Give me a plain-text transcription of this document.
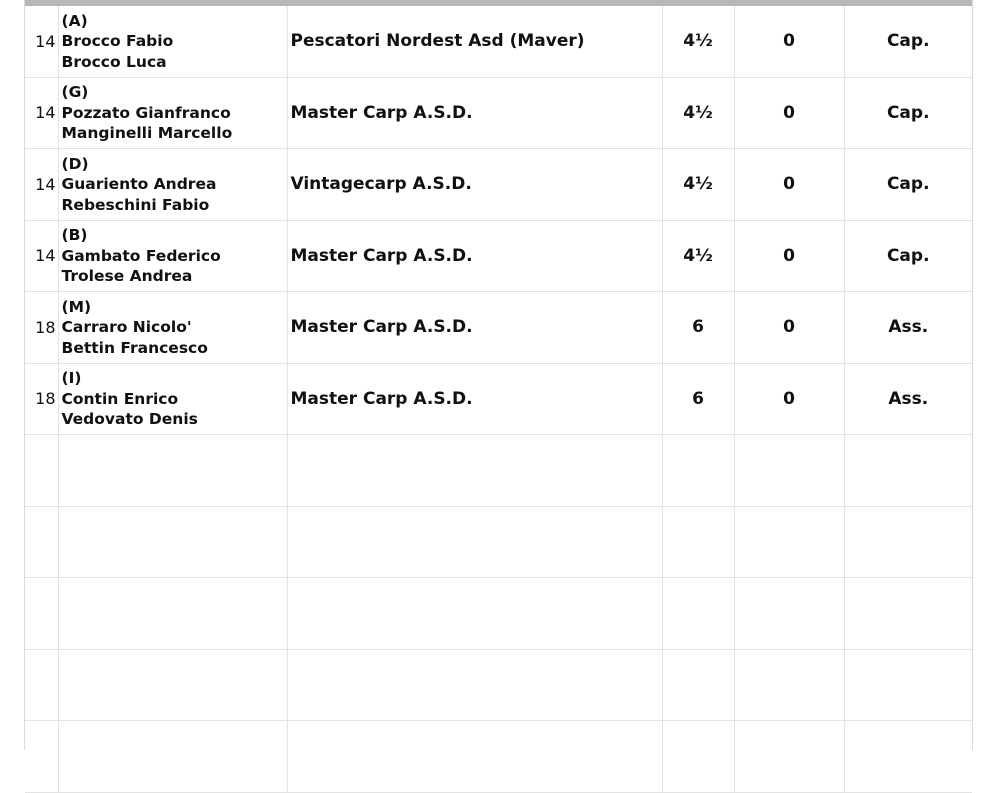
14	(A)
Brocco Fabio
Brocco Luca	Pescatori Nordest Asd (Maver)	4½	0	Cap.
14	(G)
Pozzato Gianfranco
Manginelli Marcello	Master Carp A.S.D.	4½	0	Cap.
14	(D)
Guariento Andrea
Rebeschini Fabio	Vintagecarp A.S.D.	4½	0	Cap.
14	(B)
Gambato Federico
Trolese Andrea	Master Carp A.S.D.	4½	0	Cap.
18	(M)
Carraro Nicolo'
Bettin Francesco	Master Carp A.S.D.	6	0	Ass.
18	(I)
Contin Enrico
Vedovato Denis	Master Carp A.S.D.	6	0	Ass.
